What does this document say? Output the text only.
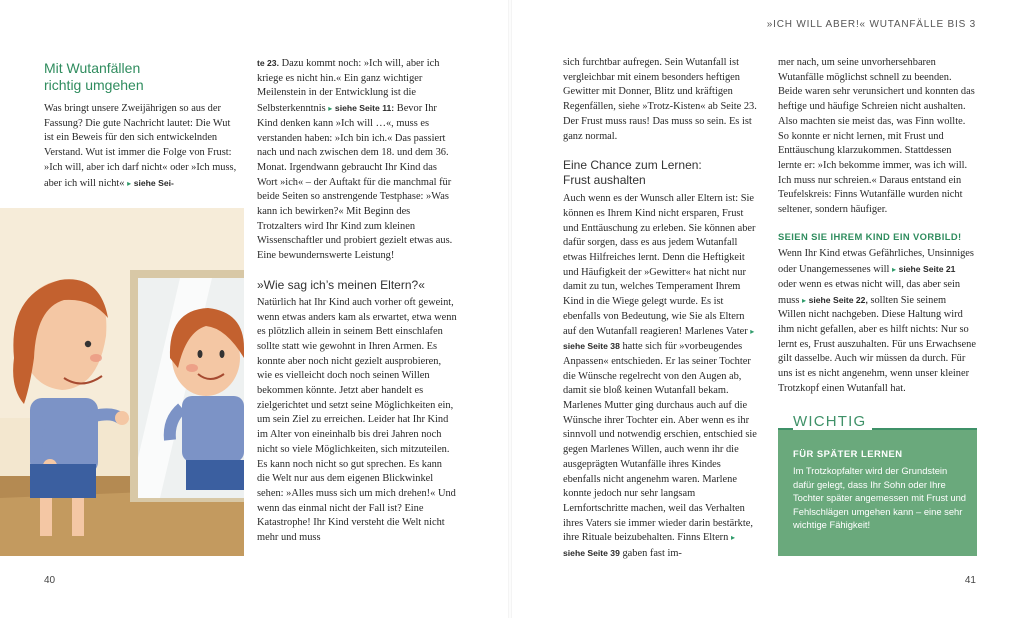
»ICH WILL ABER!« WUTANFÄLLE BIS 3
Mit Wutanfällen
richtig umgehen

Was bringt unsere Zweijährigen so aus der Fassung? Die gute Nachricht lautet: Die Wut ist ein Beweis für den sich entwickelnden Verstand. Wut ist immer die Folge von Frust: »Ich will, aber ich darf nicht« oder »Ich muss, aber ich will nicht« ▸ siehe Sei-

te 23. Dazu kommt noch: »Ich will, aber ich kriege es nicht hin.« Ein ganz wichtiger Meilenstein in der Entwicklung ist die Selbsterkenntnis ▸ siehe Seite 11: Bevor Ihr Kind denken kann »Ich will …«, muss es verstanden haben: »Ich bin ich.« Das passiert nach und nach zwischen dem 18. und dem 36. Monat. Irgendwann gebraucht Ihr Kind das Wort »ich« – der Auftakt für die manchmal für beide Seiten so anstrengende Testphase: »Was kann ich bewirken?« Mit Beginn des Trotzalters wird Ihr Kind zum kleinen Wissenschaftler und probiert gezielt etwas aus. Eine bewundernswerte Leistung!

»Wie sag ich’s meinen Eltern?«

Natürlich hat Ihr Kind auch vorher oft geweint, wenn etwas anders kam als erwartet, etwa wenn es plötzlich allein in seinem Bett einschlafen sollte statt wie gewohnt in Ihren Armen. Es konnte aber noch nicht gezielt ausprobieren, wie es vielleicht doch noch seinen Willen bekommen könnte. Jetzt aber handelt es zielgerichtet und setzt seine Möglichkeiten ein, um sein Ziel zu erreichen. Leider hat Ihr Kind im Alter von eineinhalb bis drei Jahren noch nicht so viele Möglichkeiten, sich mitzuteilen. Es kann noch nicht so gut sprechen. Es kann die Welt nur aus dem eigenen Blickwinkel sehen: »Alles muss sich um mich drehen!« Und wenn das einmal nicht der Fall ist? Eine Katastrophe! Ihr Kind versteht die Welt nicht mehr und muss

sich furchtbar aufregen. Sein Wutanfall ist vergleichbar mit einem besonders heftigen Gewitter mit Donner, Blitz und kräftigen Regenfällen, siehe »Trotz-Kisten« ab Seite 23. Der Frust muss raus! Das muss so sein. Es ist ganz normal.

Eine Chance zum Lernen:
Frust aushalten

Auch wenn es der Wunsch aller Eltern ist: Sie können es Ihrem Kind nicht ersparen, Frust und Enttäuschung zu erleben. Sie können aber dafür sorgen, dass es aus jedem Wutanfall etwas Hilfreiches lernt. Denn die Heftigkeit und Häufigkeit der »Gewitter« hat nicht nur damit zu tun, welches Temperament Ihrem Kind in die Wiege gelegt wurde. Es ist ebenfalls von Bedeutung, wie Sie als Eltern auf den Wutanfall reagieren! Marlenes Vater ▸ siehe Seite 38 hatte sich für »vorbeugendes Anpassen« entschieden. Er las seiner Tochter die Wünsche regelrecht von den Augen ab, damit sie bloß keinen Wutanfall bekam. Marlenes Mutter ging durchaus auch auf die Wünsche ihrer Tochter ein. Aber wenn es ihr sinnvoll und notwendig erschien, entschied sie gegen Marlenes Willen, auch wenn ihr die ausgeprägten Wutanfälle ihres Kindes ebenfalls nicht angenehm waren. Marlene konnte jedoch nur sehr langsam Lernfortschritte machen, weil das Verhalten ihres Vaters sie immer wieder darin bestärkte, ihre Rituale beizubehalten. Finns Eltern ▸ siehe Seite 39 gaben fast im-

mer nach, um seine unvorhersehbaren Wutanfälle möglichst schnell zu beenden. Beide waren sehr verunsichert und konnten das heftige und häufige Schreien nicht aushalten. Also machten sie meist das, was Finn wollte. So konnte er nicht lernen, mit Frust und Enttäuschung klarzukommen. Stattdessen lernte er: »Ich bekomme immer, was ich will. Ich muss nur schreien.« Daraus entstand ein Teufelskreis: Finns Wutanfälle wurden nicht seltener, sondern häufiger.

SEIEN SIE IHREM KIND EIN VORBILD!

Wenn Ihr Kind etwas Gefährliches, Unsinniges oder Unangemessenes will ▸ siehe Seite 21 oder wenn es etwas nicht will, das aber sein muss ▸ siehe Seite 22, sollten Sie seinem Willen nicht nachgeben. Diese Haltung wird ihm nicht gefallen, aber es hilft nichts: Nur so lernt es, Frust auszuhalten. Für uns Erwachsene gilt dasselbe. Auch wir müssen da durch. Für uns ist es nicht angenehm, wenn unser kleiner Trotzkopf einen Wutanfall hat.

WICHTIG
FÜR SPÄTER LERNEN
Im Trotzkopfalter wird der Grundstein dafür gelegt, dass Ihr Sohn oder Ihre Tochter später angemessen mit Frust und Fehlschlägen umgehen kann – eine sehr wichtige Fähigkeit!
40	41
